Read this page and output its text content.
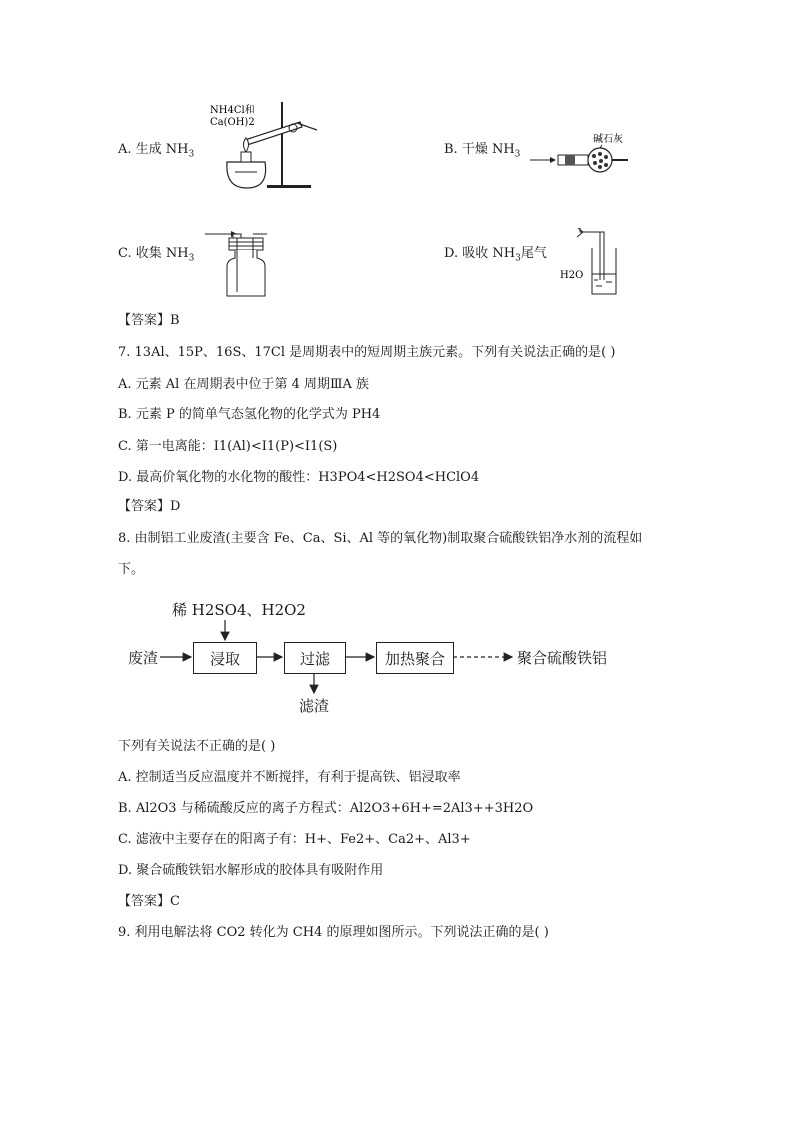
A. 生成 $NH_3$
NH4Cl和
Ca(OH)2
B. 干燥 $NH_3$
碱石灰
C. 收集 $NH_3$	D. 吸收 $NH_3$尾气
H2O
【答案】B
7. 13Al、15P、16S、17Cl 是周期表中的短周期主族元素。下列有关说法正确的是( )
A. 元素 Al 在周期表中位于第 4 周期ⅢA 族
B. 元素 P 的简单气态氢化物的化学式为 PH4
C. 第一电离能：I1(Al)<I1(P)<I1(S)
D. 最高价氧化物的水化物的酸性：H3PO4<H2SO4<HClO4
【答案】D
8. 由制铝工业废渣(主要含 Fe、Ca、Si、Al 等的氧化物)制取聚合硫酸铁铝净水剂的流程如
下。
稀 H2SO4、H2O2
废渣	浸取	过滤	加热聚合	聚合硫酸铁铝
滤渣
下列有关说法不正确的是( )
A. 控制适当反应温度并不断搅拌，有利于提高铁、铝浸取率
B. Al2O3 与稀硫酸反应的离子方程式：Al2O3+6H+=2Al3++3H2O
C. 滤液中主要存在的阳离子有：H+、Fe2+、Ca2+、Al3+
D. 聚合硫酸铁铝水解形成的胶体具有吸附作用
【答案】C
9. 利用电解法将 CO2 转化为 CH4 的原理如图所示。下列说法正确的是( )
